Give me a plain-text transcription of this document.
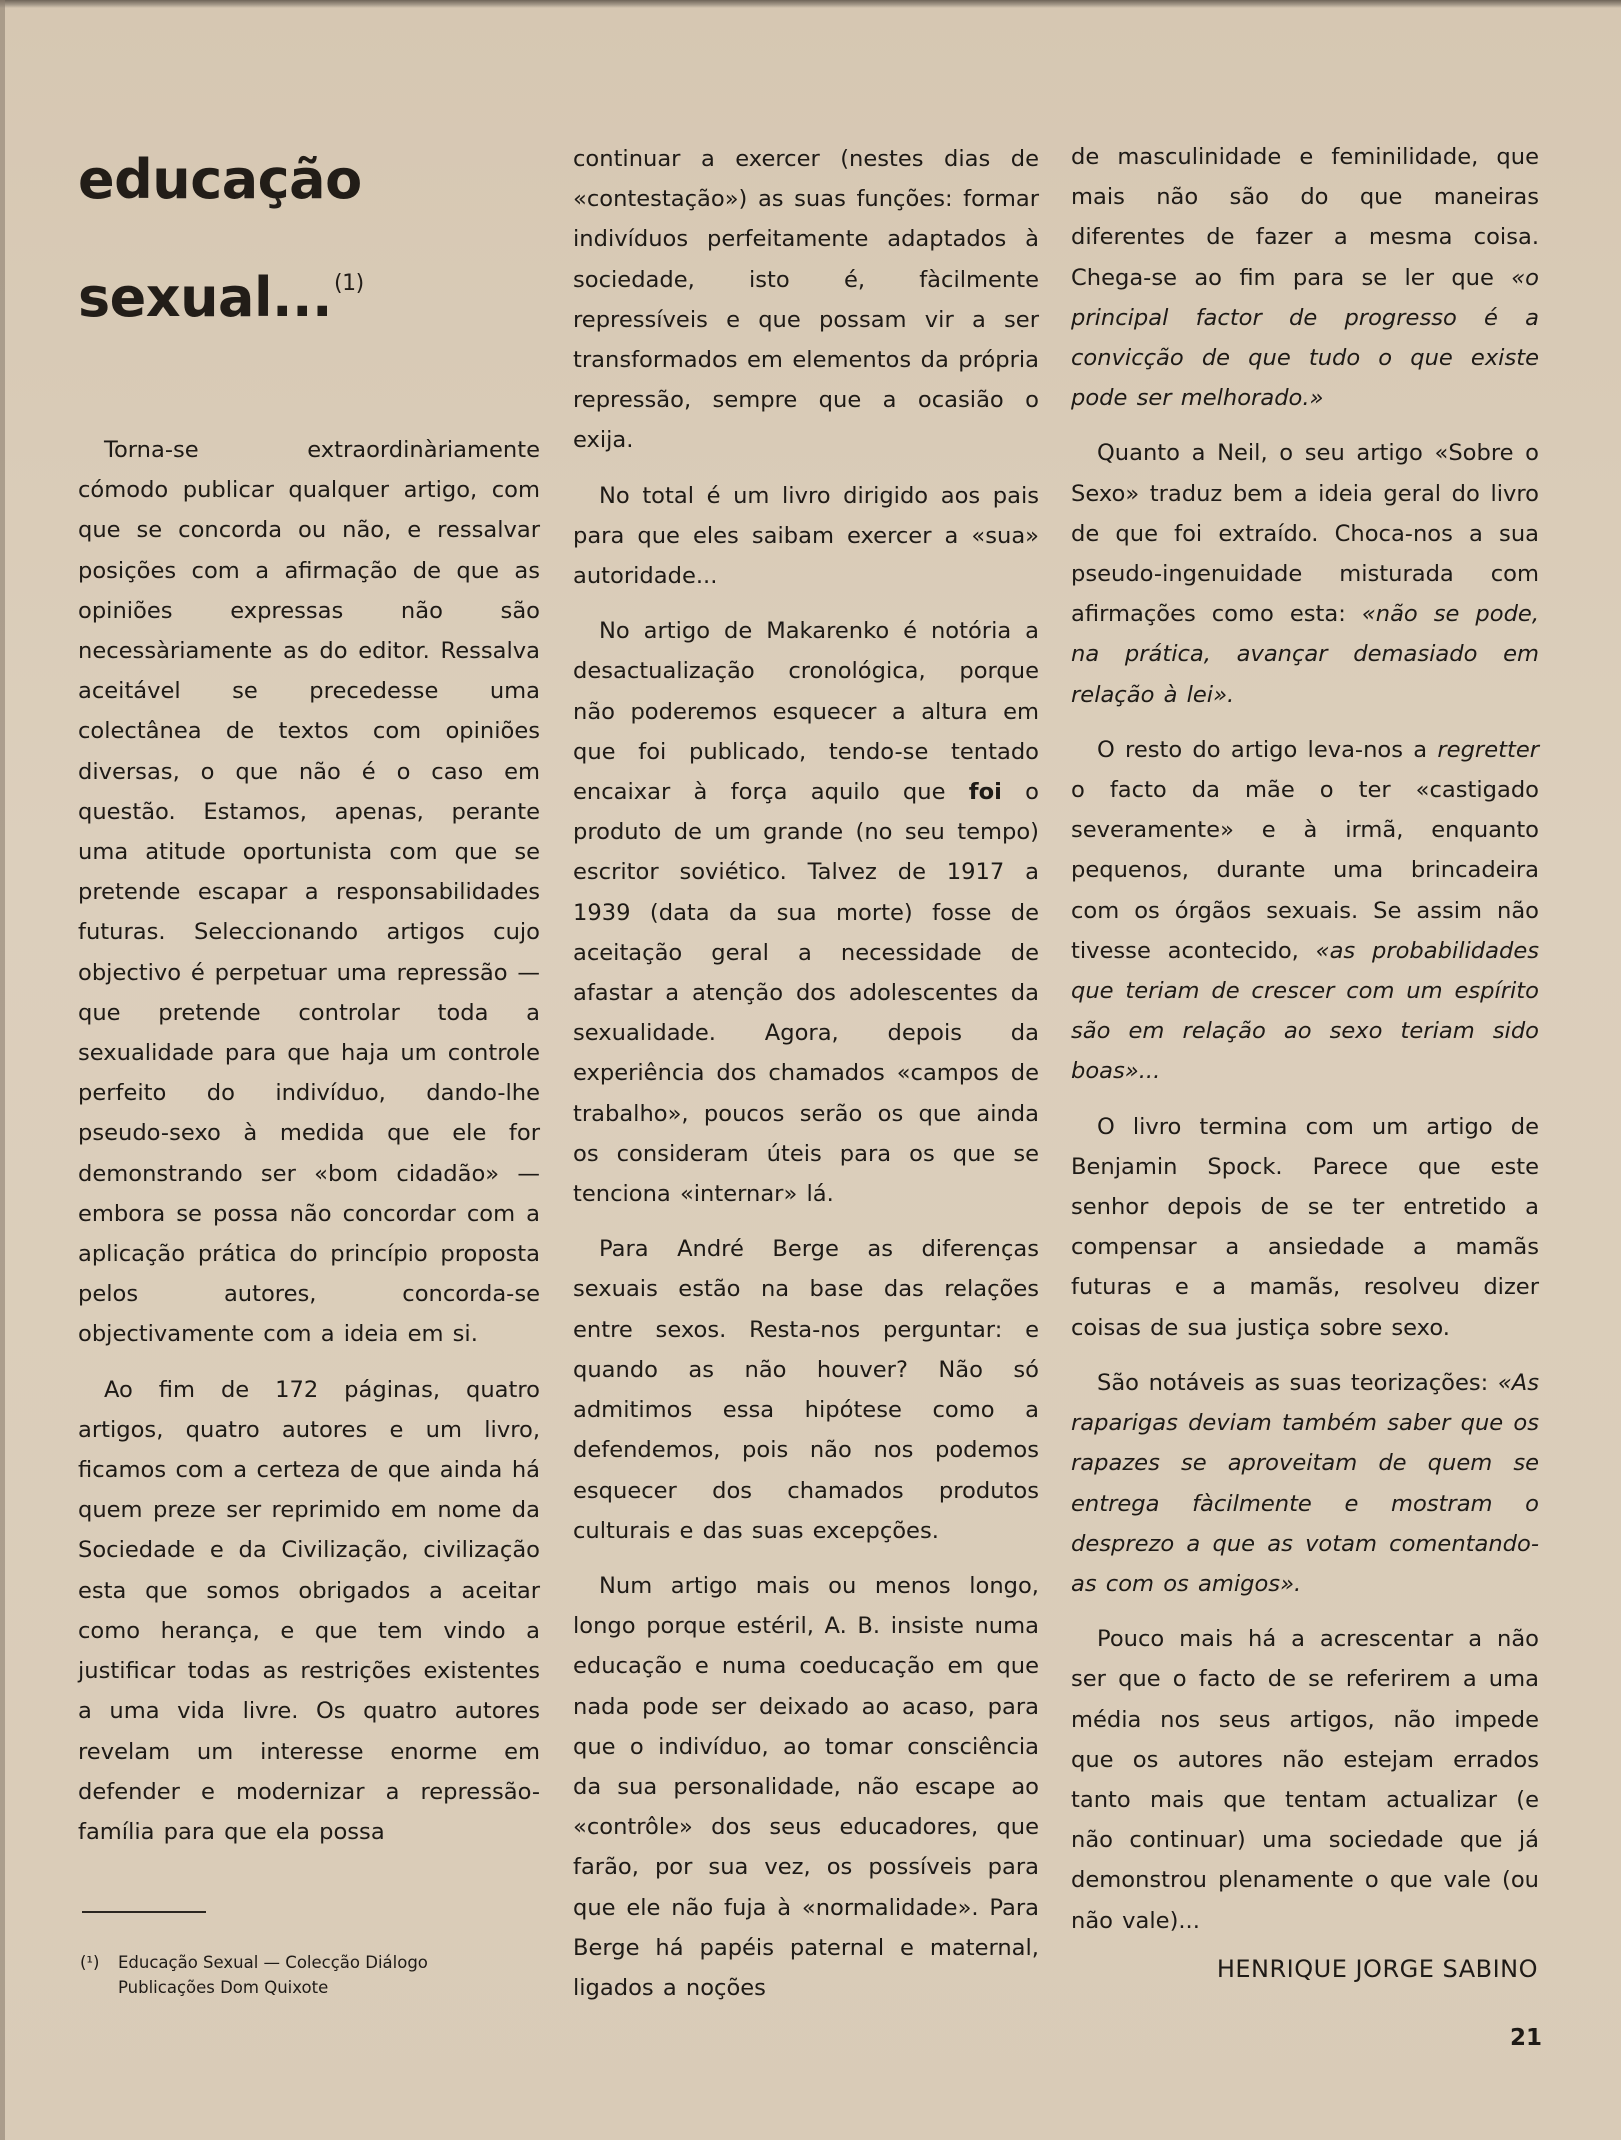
educação
sexual...$^{(1)}$

Torna-se extraordinàriamente cómodo publicar qualquer artigo, com que se concorda ou não, e ressalvar posições com a afirmação de que as opiniões expressas não são necessàriamente as do editor. Ressalva aceitável se precedesse uma colectânea de textos com opiniões diversas, o que não é o caso em questão. Estamos, apenas, perante uma atitude oportunista com que se pretende escapar a responsabilidades futuras. Seleccionando artigos cujo objectivo é perpetuar uma repressão — que pretende controlar toda a sexualidade para que haja um controle perfeito do indivíduo, dando-lhe pseudo-sexo à medida que ele for demonstrando ser «bom cidadão» — embora se possa não concordar com a aplicação prática do princípio proposta pelos autores, concorda-se objectivamente com a ideia em si.

Ao fim de 172 páginas, quatro artigos, quatro autores e um livro, ficamos com a certeza de que ainda há quem preze ser reprimido em nome da Sociedade e da Civilização, civilização esta que somos obrigados a aceitar como herança, e que tem vindo a justificar todas as restrições existentes a uma vida livre. Os quatro autores revelam um interesse enorme em defender e modernizar a repressão-família para que ela possa

(¹) Educação Sexual — Colecção Diálogo
Publicações Dom Quixote

continuar a exercer (nestes dias de «contestação») as suas funções: formar indivíduos perfeitamente adaptados à sociedade, isto é, fàcilmente repressíveis e que possam vir a ser transformados em elementos da própria repressão, sempre que a ocasião o exija.

No total é um livro dirigido aos pais para que eles saibam exercer a «sua» autoridade...

No artigo de Makarenko é notória a desactualização cronológica, porque não poderemos esquecer a altura em que foi publicado, tendo-se tentado encaixar à força aquilo que foi o produto de um grande (no seu tempo) escritor soviético. Talvez de 1917 a 1939 (data da sua morte) fosse de aceitação geral a necessidade de afastar a atenção dos adolescentes da sexualidade. Agora, depois da experiência dos chamados «campos de trabalho», poucos serão os que ainda os consideram úteis para os que se tenciona «internar» lá.

Para André Berge as diferenças sexuais estão na base das relações entre sexos. Resta-nos perguntar: e quando as não houver? Não só admitimos essa hipótese como a defendemos, pois não nos podemos esquecer dos chamados produtos culturais e das suas excepções.

Num artigo mais ou menos longo, longo porque estéril, A. B. insiste numa educação e numa coeducação em que nada pode ser deixado ao acaso, para que o indivíduo, ao tomar consciência da sua personalidade, não escape ao «contrôle» dos seus educadores, que farão, por sua vez, os possíveis para que ele não fuja à «normalidade». Para Berge há papéis paternal e maternal, ligados a noções

de masculinidade e feminilidade, que mais não são do que maneiras diferentes de fazer a mesma coisa. Chega-se ao fim para se ler que «o principal factor de progresso é a convicção de que tudo o que existe pode ser melhorado.»

Quanto a Neil, o seu artigo «Sobre o Sexo» traduz bem a ideia geral do livro de que foi extraído. Choca-nos a sua pseudo-ingenuidade misturada com afirmações como esta: «não se pode, na prática, avançar demasiado em relação à lei».

O resto do artigo leva-nos a regretter o facto da mãe o ter «castigado severamente» e à irmã, enquanto pequenos, durante uma brincadeira com os órgãos sexuais. Se assim não tivesse acontecido, «as probabilidades que teriam de crescer com um espírito são em relação ao sexo teriam sido boas»...

O livro termina com um artigo de Benjamin Spock. Parece que este senhor depois de se ter entretido a compensar a ansiedade a mamãs futuras e a mamãs, resolveu dizer coisas de sua justiça sobre sexo.

São notáveis as suas teorizações: «As raparigas deviam também saber que os rapazes se aproveitam de quem se entrega fàcilmente e mostram o desprezo a que as votam comentando-as com os amigos».

Pouco mais há a acrescentar a não ser que o facto de se referirem a uma média nos seus artigos, não impede que os autores não estejam errados tanto mais que tentam actualizar (e não continuar) uma sociedade que já demonstrou plenamente o que vale (ou não vale)...

HENRIQUE JORGE SABINO
21
